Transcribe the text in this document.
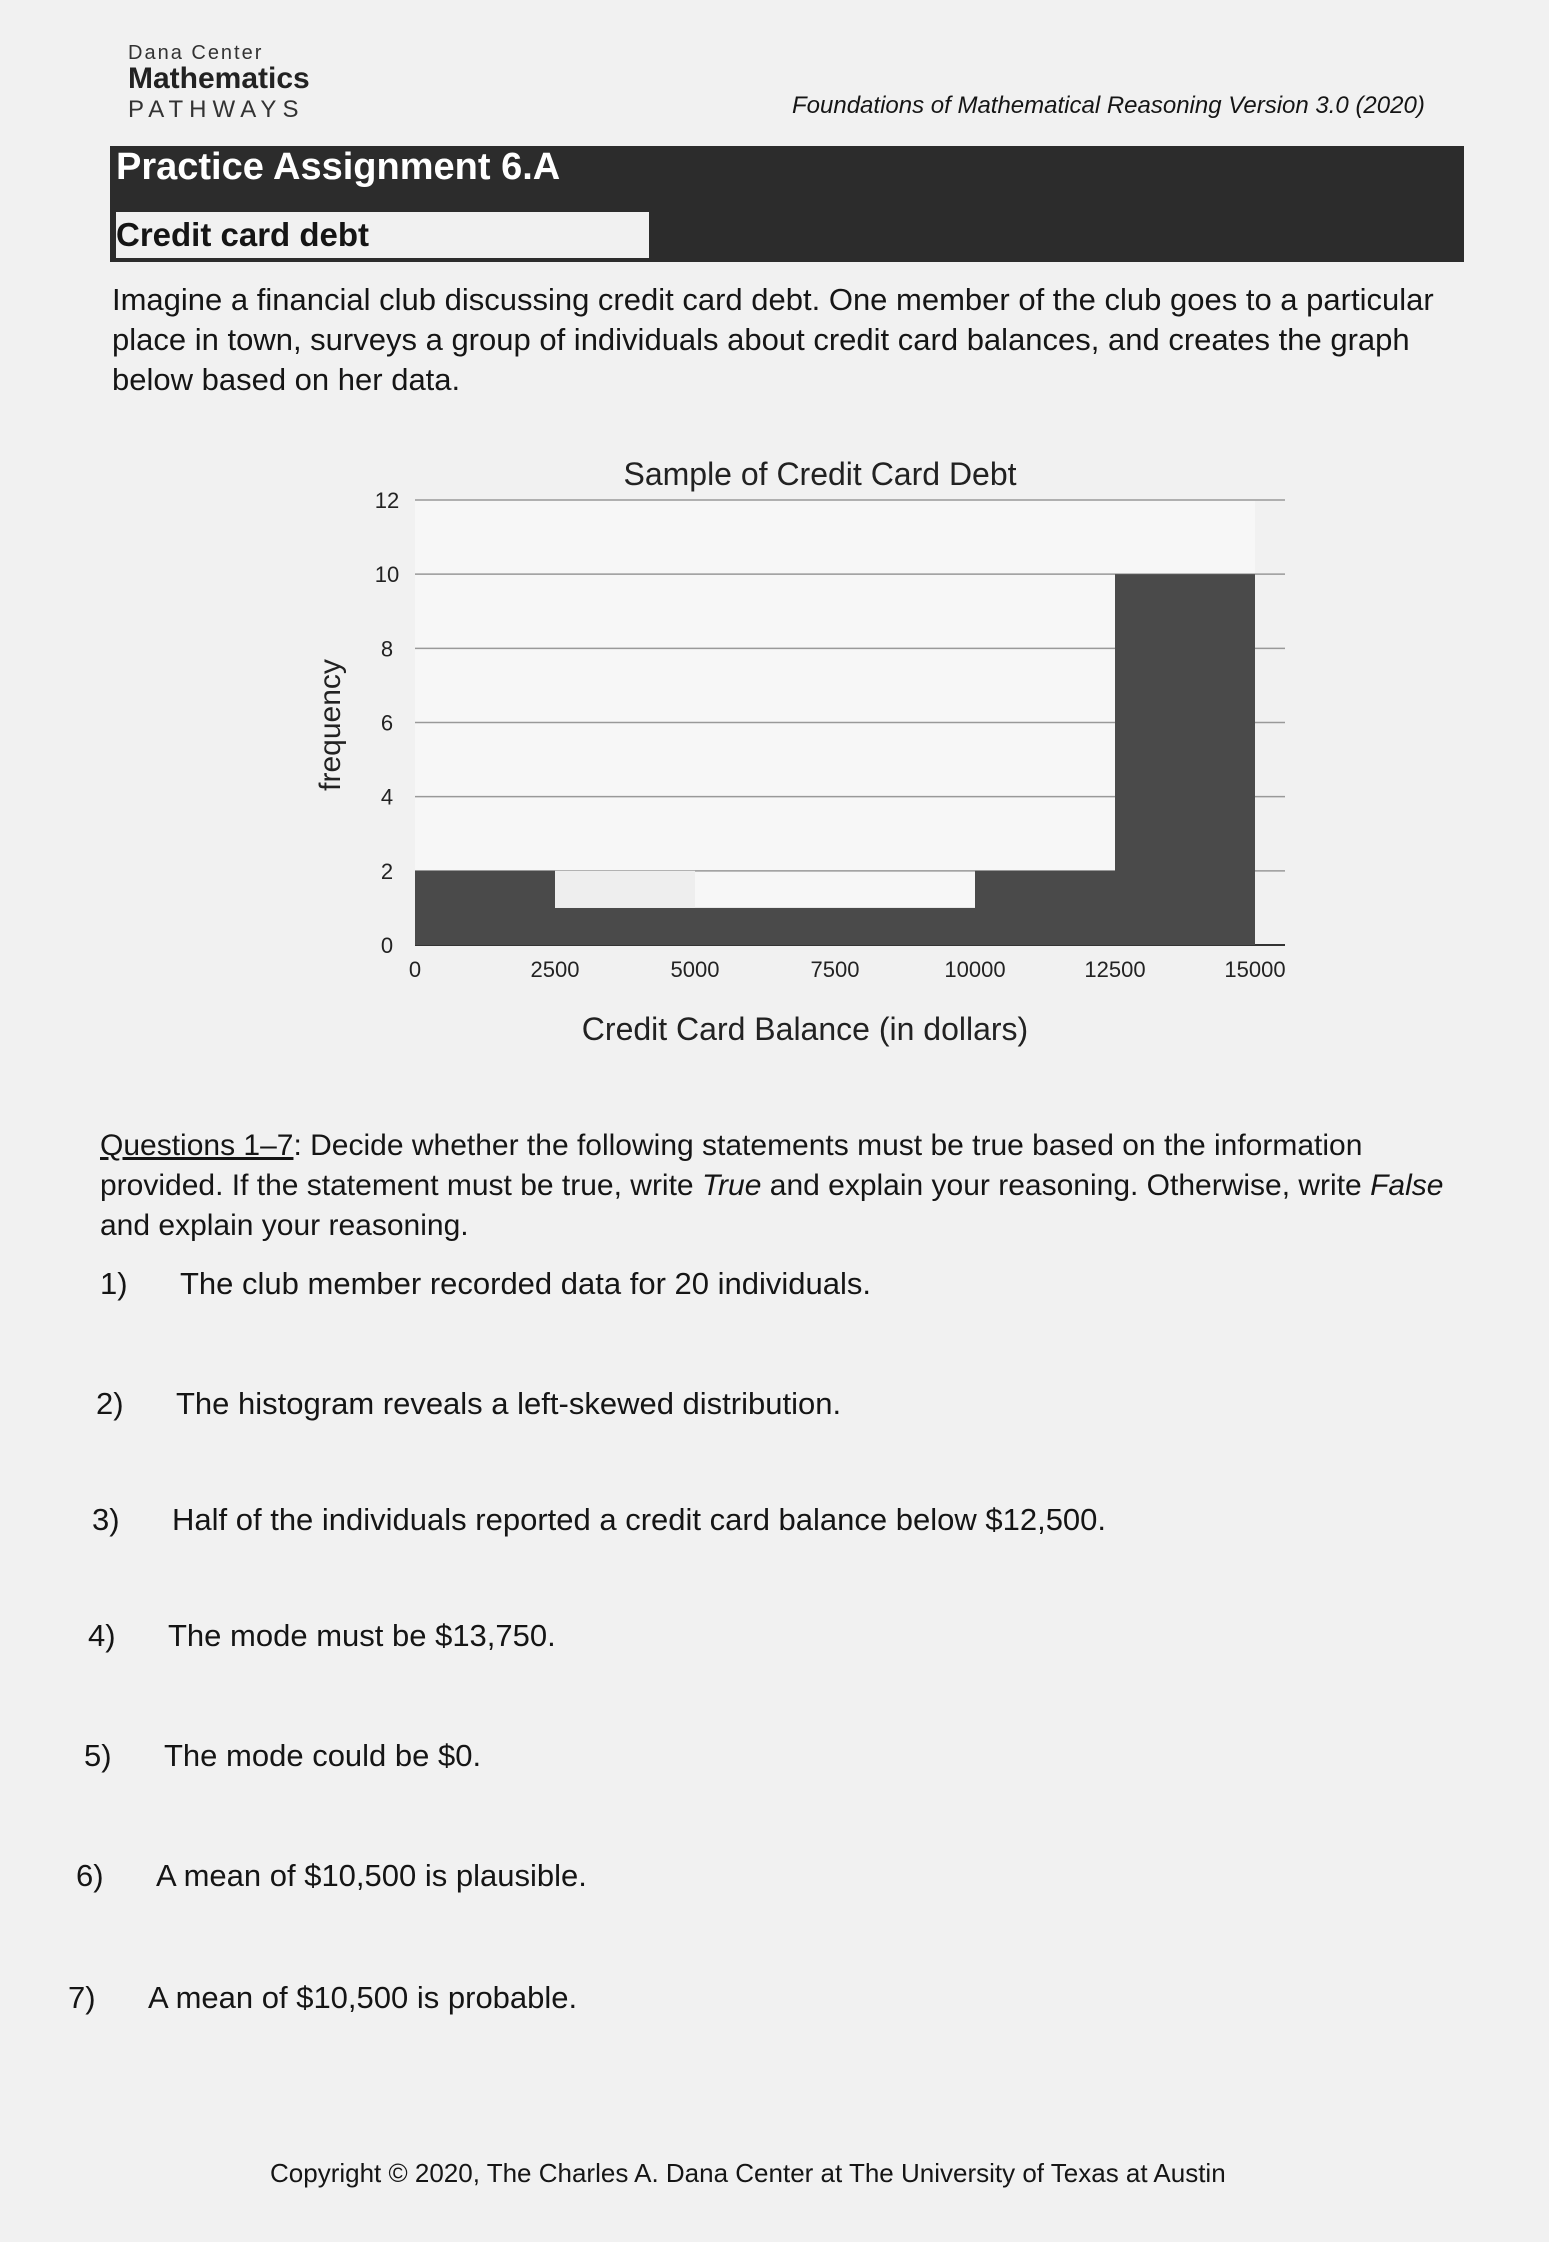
Dana Center
Mathematics
PATHWAYS	Foundations of Mathematical Reasoning Version 3.0 (2020)
Practice Assignment 6.A
Credit card debt
Imagine a financial club discussing credit card debt. One member of the club goes to a particular place in town, surveys a group of individuals about credit card balances, and creates the graph below based on her data.
0
2
4
6
8
10
12
0	2500	5000	7500	10000	12500	15000
Sample of Credit Card Debt
frequency
Credit Card Balance (in dollars)
Questions 1–7: Decide whether the following statements must be true based on the information provided. If the statement must be true, write True and explain your reasoning. Otherwise, write False and explain your reasoning.
1) The club member recorded data for 20 individuals.
2) The histogram reveals a left-skewed distribution.
3) Half of the individuals reported a credit card balance below $12,500.
4) The mode must be $13,750.
5) The mode could be $0.
6) A mean of $10,500 is plausible.
7) A mean of $10,500 is probable.
Copyright © 2020, The Charles A. Dana Center at The University of Texas at Austin
